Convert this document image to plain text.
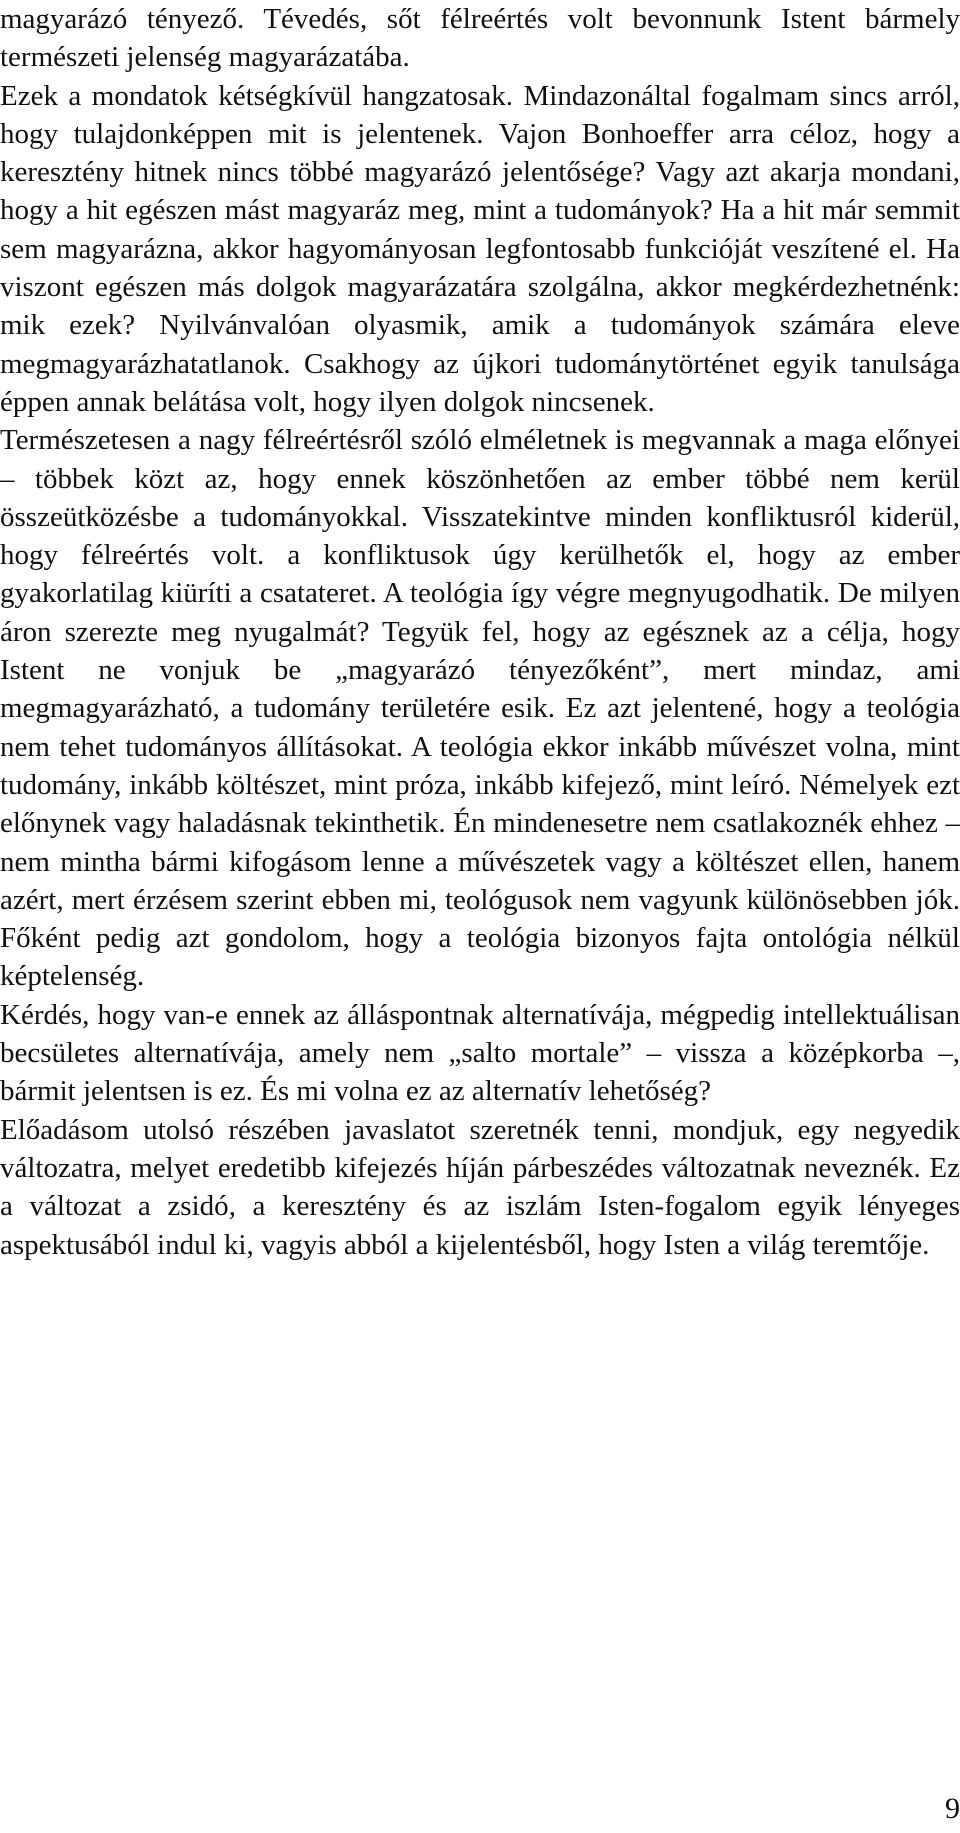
magyarázó tényező. Tévedés, sőt félreértés volt bevonnunk Istent bármely természeti jelenség magyarázatába.

Ezek a mondatok kétségkívül hangzatosak. Mindazonáltal fogalmam sincs arról, hogy tulajdonképpen mit is jelentenek. Vajon Bonhoeffer arra céloz, hogy a keresztény hitnek nincs többé magyarázó jelentősége? Vagy azt akarja mondani, hogy a hit egészen mást magyaráz meg, mint a tudományok? Ha a hit már semmit sem magyarázna, akkor hagyományosan legfontosabb funkcióját veszítené el. Ha viszont egészen más dolgok magyarázatára szolgálna, akkor megkérdezhetnénk: mik ezek? Nyilvánvalóan olyasmik, amik a tudományok számára eleve megmagyarázhatatlanok. Csakhogy az újkori tudománytörténet egyik tanulsága éppen annak belátása volt, hogy ilyen dolgok nincsenek.

Természetesen a nagy félreértésről szóló elméletnek is megvannak a maga előnyei – többek közt az, hogy ennek köszönhetően az ember többé nem kerül összeütközésbe a tudományokkal. Visszatekintve minden konfliktusról kiderül, hogy félreértés volt. a konfliktusok úgy kerülhetők el, hogy az ember gyakorlatilag kiüríti a csatateret. A teológia így végre megnyugodhatik. De milyen áron szerezte meg nyugalmát? Tegyük fel, hogy az egésznek az a célja, hogy Istent ne vonjuk be „magyarázó tényezőként”, mert mindaz, ami megmagyarázható, a tudomány területére esik. Ez azt jelentené, hogy a teológia nem tehet tudományos állításokat. A teológia ekkor inkább művészet volna, mint tudomány, inkább költészet, mint próza, inkább kifejező, mint leíró. Némelyek ezt előnynek vagy haladásnak tekinthetik. Én mindenesetre nem csatlakoznék ehhez – nem mintha bármi kifogásom lenne a művészetek vagy a költészet ellen, hanem azért, mert érzésem szerint ebben mi, teológusok nem vagyunk különösebben jók. Főként pedig azt gondolom, hogy a teológia bizonyos fajta ontológia nélkül képtelenség.

Kérdés, hogy van-e ennek az álláspontnak alternatívája, mégpedig intellektuálisan becsületes alternatívája, amely nem „salto mortale” – vissza a középkorba –, bármit jelentsen is ez. És mi volna ez az alternatív lehetőség?

Előadásom utolsó részében javaslatot szeretnék tenni, mondjuk, egy negyedik változatra, melyet eredetibb kifejezés híján párbeszédes változatnak neveznék. Ez a változat a zsidó, a keresztény és az iszlám Isten-fogalom egyik lényeges aspektusából indul ki, vagyis abból a kijelentésből, hogy Isten a világ teremtője.

9
